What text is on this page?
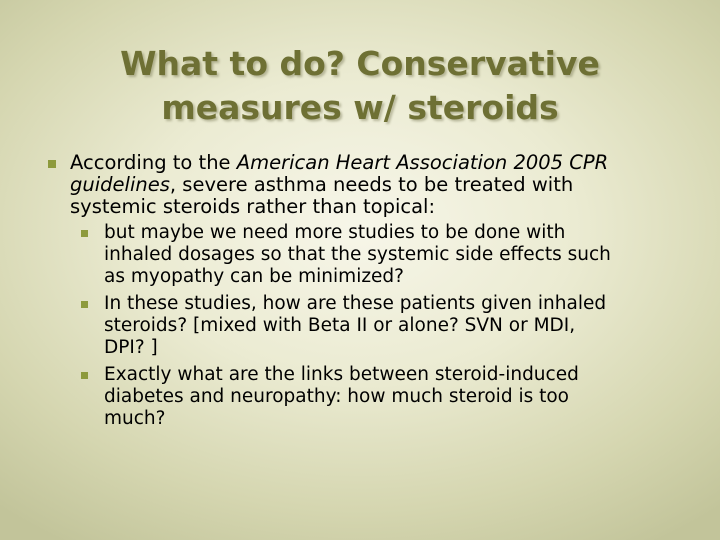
What to do? Conservative
measures w/ steroids
According to the American Heart Association 2005 CPR
guidelines, severe asthma needs to be treated with
systemic steroids rather than topical:
but maybe we need more studies to be done with
inhaled dosages so that the systemic side effects such
as myopathy can be minimized?
In these studies, how are these patients given inhaled
steroids? [mixed with Beta II or alone? SVN or MDI,
DPI? ]
Exactly what are the links between steroid-induced
diabetes and neuropathy: how much steroid is too
much?
